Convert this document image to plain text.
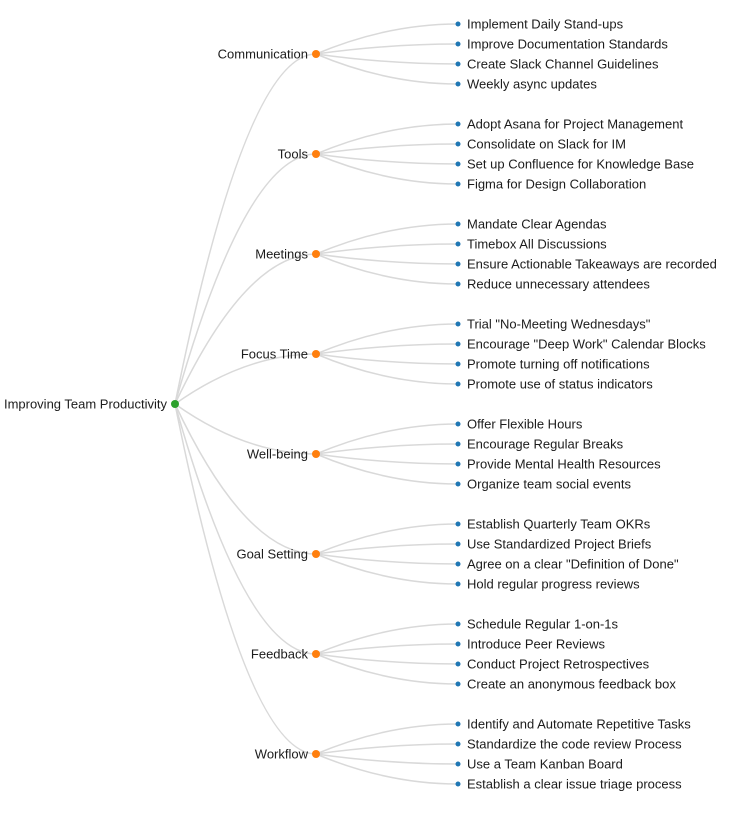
Implement Daily Stand-ups
Improve Documentation Standards
Create Slack Channel Guidelines
Weekly async updates
Communication
Adopt Asana for Project Management
Consolidate on Slack for IM
Set up Confluence for Knowledge Base
Figma for Design Collaboration
Tools
Mandate Clear Agendas
Timebox All Discussions
Ensure Actionable Takeaways are recorded
Reduce unnecessary attendees
Meetings
Trial "No-Meeting Wednesdays"
Encourage "Deep Work" Calendar Blocks
Promote turning off notifications
Promote use of status indicators
Focus Time
Offer Flexible Hours
Encourage Regular Breaks
Provide Mental Health Resources
Organize team social events
Well-being
Establish Quarterly Team OKRs
Use Standardized Project Briefs
Agree on a clear "Definition of Done"
Hold regular progress reviews
Goal Setting
Schedule Regular 1-on-1s
Introduce Peer Reviews
Conduct Project Retrospectives
Create an anonymous feedback box
Feedback
Identify and Automate Repetitive Tasks
Standardize the code review Process
Use a Team Kanban Board
Establish a clear issue triage process
Workflow
Improving Team Productivity
